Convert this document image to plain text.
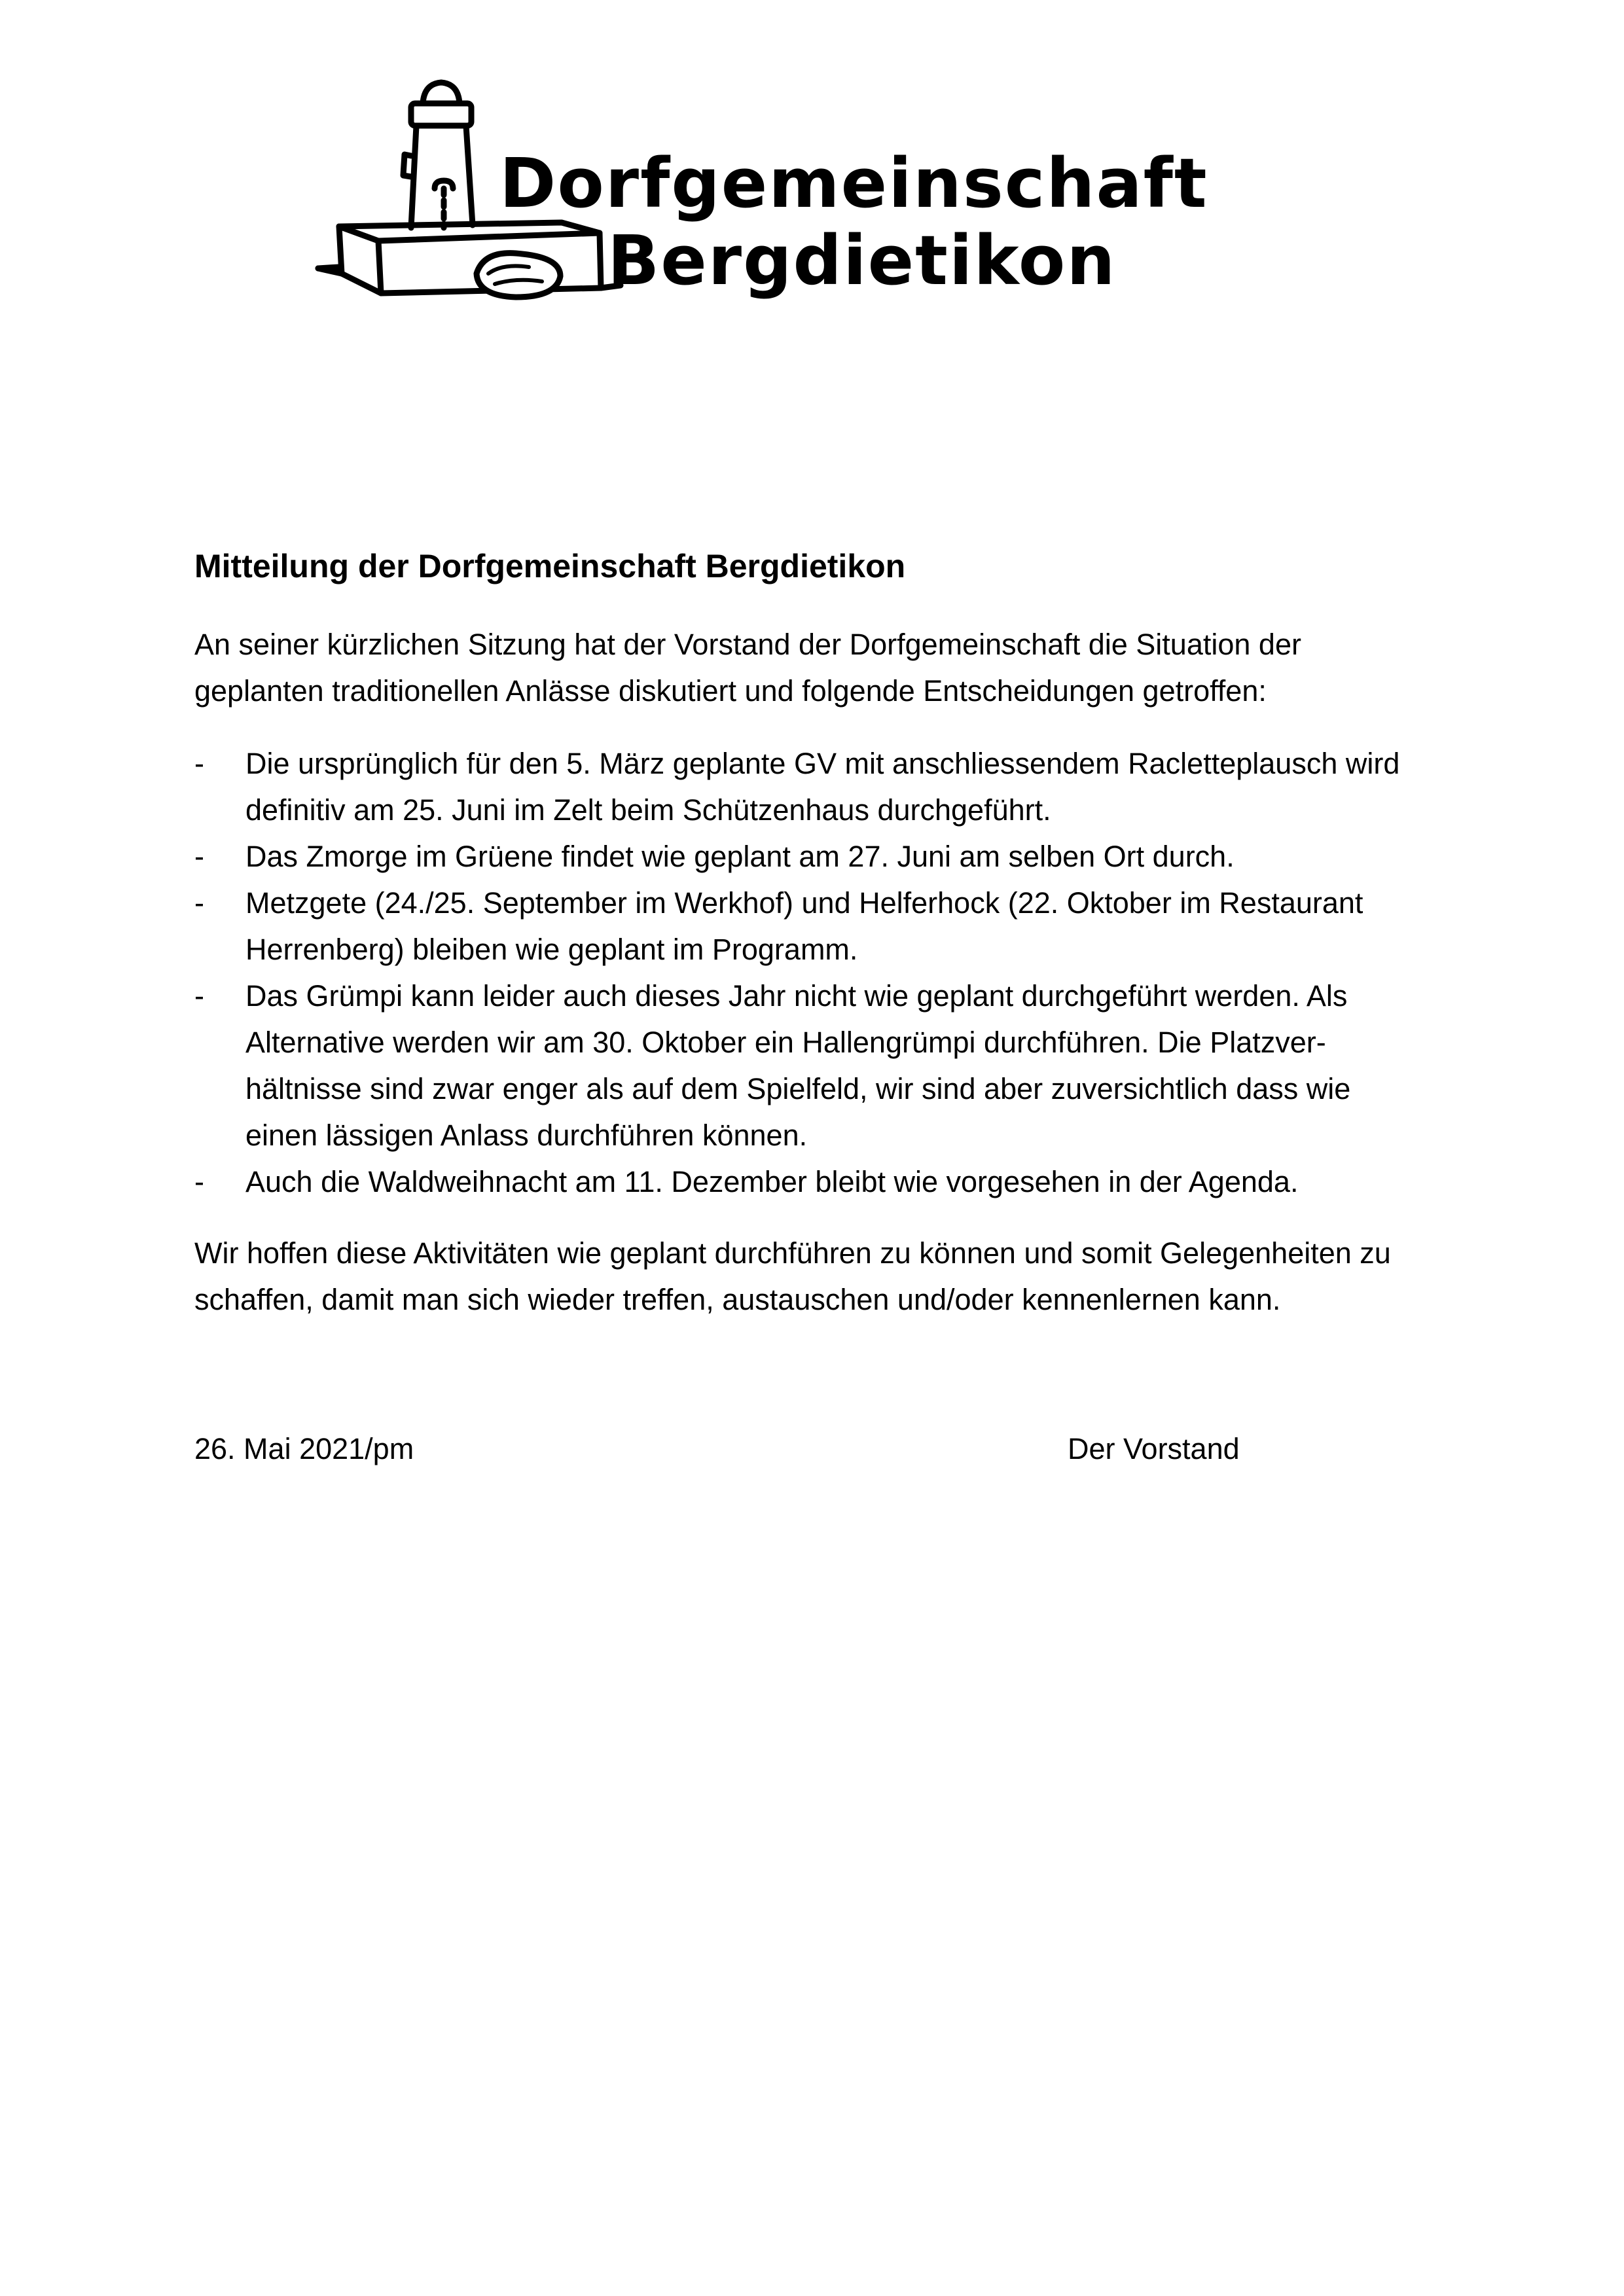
Dorfgemeinschaft
Bergdietikon
Mitteilung der Dorfgemeinschaft Bergdietikon

An seiner kürzlichen Sitzung hat der Vorstand der Dorfgemeinschaft die Situation der

geplanten traditionellen Anlässe diskutiert und folgende Entscheidungen getroffen:

- Die ursprünglich für den 5. März geplante GV mit anschliessendem Racletteplausch wird
definitiv am 25. Juni im Zelt beim Schützenhaus durchgeführt.
- Das Zmorge im Grüene findet wie geplant am 27. Juni am selben Ort durch.
- Metzgete (24./25. September im Werkhof) und Helferhock (22. Oktober im Restaurant
Herrenberg) bleiben wie geplant im Programm.
- Das Grümpi kann leider auch dieses Jahr nicht wie geplant durchgeführt werden. Als
Alternative werden wir am 30. Oktober ein Hallengrümpi durchführen. Die Platzver-
hältnisse sind zwar enger als auf dem Spielfeld, wir sind aber zuversichtlich dass wie
einen lässigen Anlass durchführen können.
- Auch die Waldweihnacht am 11. Dezember bleibt wie vorgesehen in der Agenda.

Wir hoffen diese Aktivitäten wie geplant durchführen zu können und somit Gelegenheiten zu

schaffen, damit man sich wieder treffen, austauschen und/oder kennenlernen kann.

26. Mai 2021/pm	Der Vorstand
